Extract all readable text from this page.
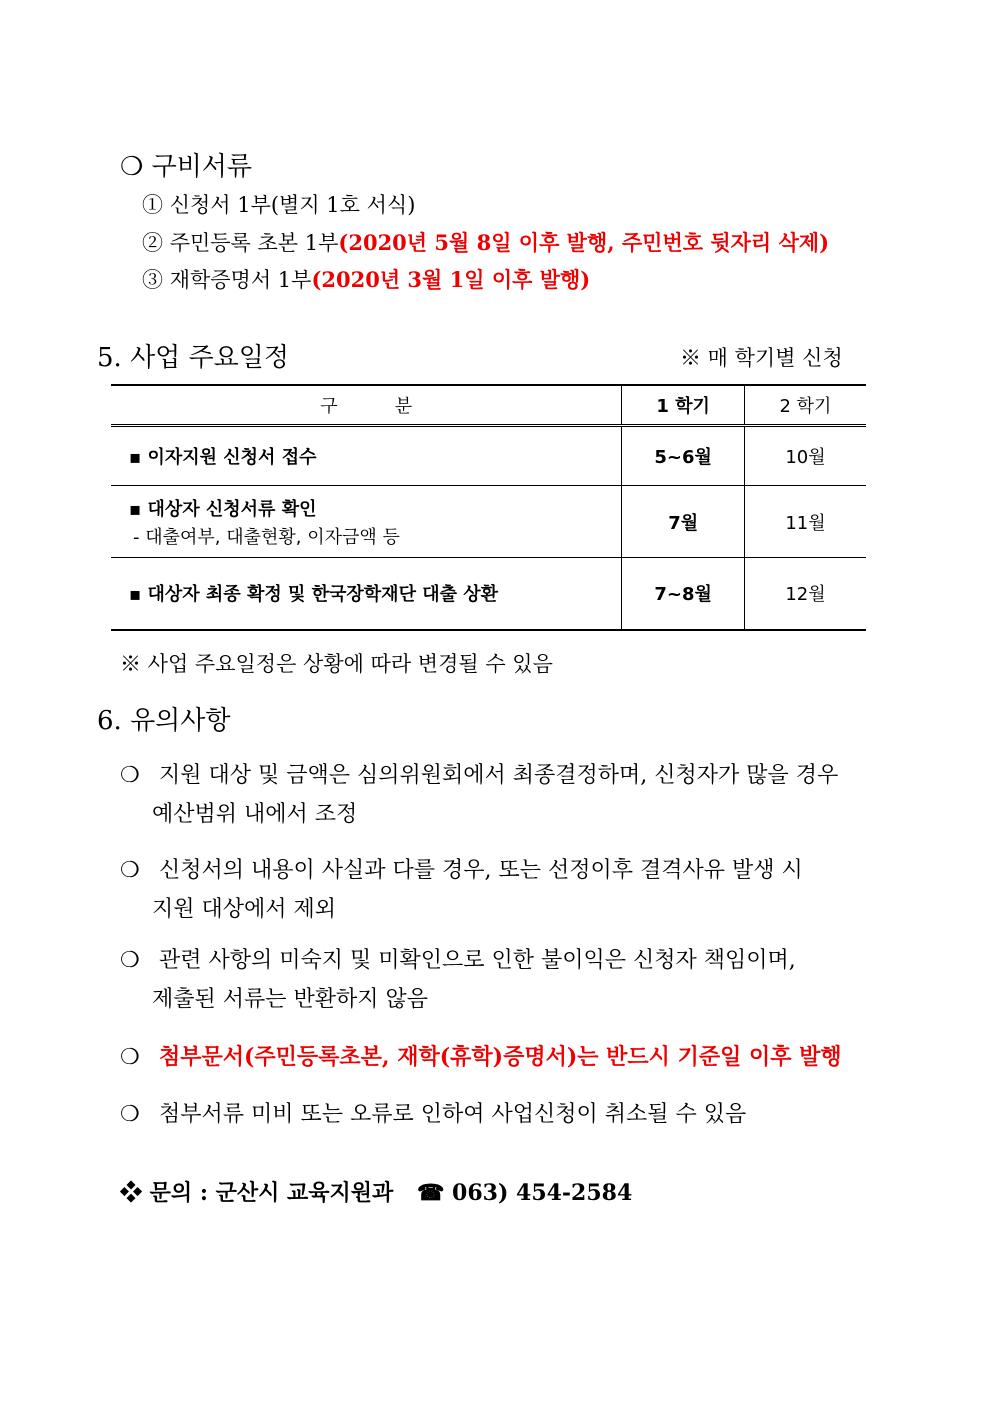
❍ 구비서류
① 신청서 1부(별지 1호 서식)
② 주민등록 초본 1부(2020년 5월 8일 이후 발행, 주민번호 뒷자리 삭제)
③ 재학증명서 1부(2020년 3월 1일 이후 발행)
5. 사업 주요일정	※ 매 학기별 신청
구          분	1 학기	2 학기

▪ 이자지원 신청서 접수	5~6월	10월

▪ 대상자 신청서류 확인
- 대출여부, 대출현황, 이자금액 등	7월	11월

▪ 대상자 최종 확정 및 한국장학재단 대출 상환	7~8월	12월
※ 사업 주요일정은 상황에 따라 변경될 수 있음
6. 유의사항
❍ 지원 대상 및 금액은 심의위원회에서 최종결정하며, 신청자가 많을 경우
예산범위 내에서 조정
❍ 신청서의 내용이 사실과 다를 경우, 또는 선정이후 결격사유 발생 시
지원 대상에서 제외
❍ 관련 사항의 미숙지 및 미확인으로 인한 불이익은 신청자 책임이며,
제출된 서류는 반환하지 않음
❍ 첨부문서(주민등록초본, 재학(휴학)증명서)는 반드시 기준일 이후 발행
❍ 첨부서류 미비 또는 오류로 인하여 사업신청이 취소될 수 있음
❖ 문의 : 군산시 교육지원과 ☎ 063) 454-2584
